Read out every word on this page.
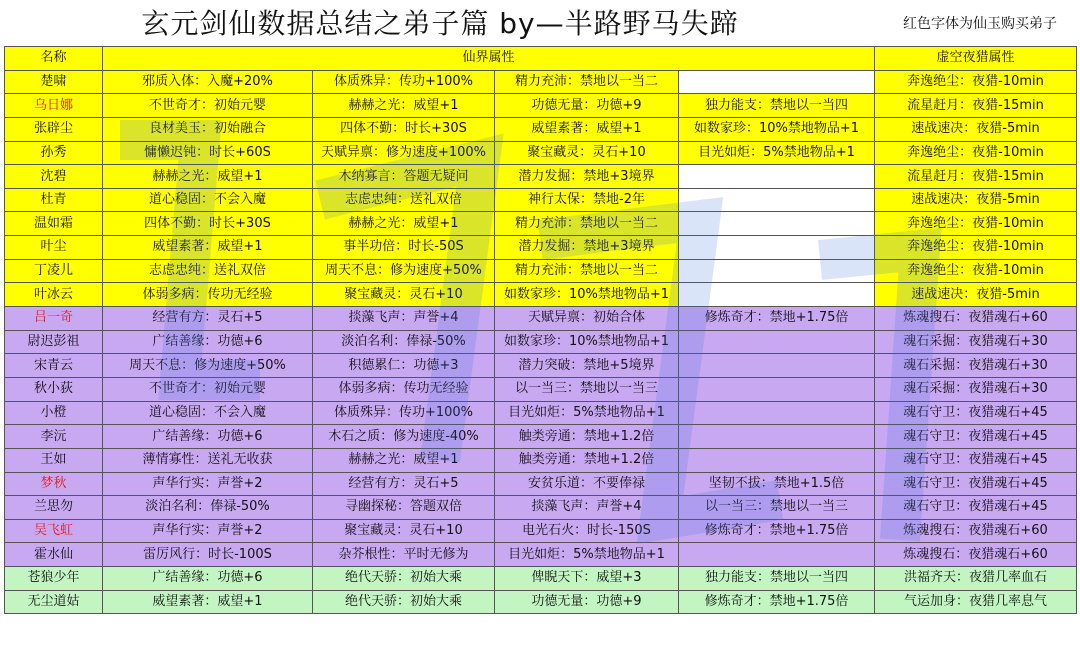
玄元剑仙数据总结之弟子篇 by—半路野马失蹄	红色字体为仙玉购买弟子
名称	仙界属性				虚空夜猎属性
楚啸	邪质入体：入魔+20%	体质殊异：传功+100%	精力充沛：禁地以一当二		奔逸绝尘：夜猎-10min
乌日娜	不世奇才：初始元婴	赫赫之光：威望+1	功德无量：功德+9	独力能支：禁地以一当四	流星赶月：夜猎-15min
张辟尘	良材美玉：初始融合	四体不勤：时长+30S	威望素著：威望+1	如数家珍：10%禁地物品+1	速战速决：夜猎-5min
孙秀	慵懒迟钝：时长+60S	天赋异禀：修为速度+100%	聚宝藏灵：灵石+10	目光如炬：5%禁地物品+1	奔逸绝尘：夜猎-10min
沈碧	赫赫之光：威望+1	木纳寡言：答题无疑问	潜力发掘：禁地+3境界		流星赶月：夜猎-15min
杜青	道心稳固：不会入魔	志虑忠纯：送礼双倍	神行太保：禁地-2年		速战速决：夜猎-5min
温如霜	四体不勤：时长+30S	赫赫之光：威望+1	精力充沛：禁地以一当二		奔逸绝尘：夜猎-10min
叶尘	威望素著：威望+1	事半功倍：时长-50S	潜力发掘：禁地+3境界		奔逸绝尘：夜猎-10min
丁凌儿	志虑忠纯：送礼双倍	周天不息：修为速度+50%	精力充沛：禁地以一当二		奔逸绝尘：夜猎-10min
叶冰云	体弱多病：传功无经验	聚宝藏灵：灵石+10	如数家珍：10%禁地物品+1		速战速决：夜猎-5min
吕一奇	经营有方：灵石+5	掞藻飞声：声誉+4	天赋异禀：初始合体	修炼奇才：禁地+1.75倍	炼魂搜石：夜猎魂石+60
尉迟彭祖	广结善缘：功德+6	淡泊名利：俸禄-50%	如数家珍：10%禁地物品+1		魂石采掘：夜猎魂石+30
宋青云	周天不息：修为速度+50%	积德累仁：功德+3	潜力突破：禁地+5境界		魂石采掘：夜猎魂石+30
秋小荻	不世奇才：初始元婴	体弱多病：传功无经验	以一当三：禁地以一当三		魂石采掘：夜猎魂石+30
小橙	道心稳固：不会入魔	体质殊异：传功+100%	目光如炬：5%禁地物品+1		魂石守卫：夜猎魂石+45
李沅	广结善缘：功德+6	木石之质：修为速度-40%	触类旁通：禁地+1.2倍		魂石守卫：夜猎魂石+45
王如	薄情寡性：送礼无收获	赫赫之光：威望+1	触类旁通：禁地+1.2倍		魂石守卫：夜猎魂石+45
梦秋	声华行实：声誉+2	经营有方：灵石+5	安贫乐道：不要俸禄	坚韧不拔：禁地+1.5倍	魂石守卫：夜猎魂石+45
兰思勿	淡泊名利：俸禄-50%	寻幽探秘：答题双倍	掞藻飞声：声誉+4	以一当三：禁地以一当三	魂石守卫：夜猎魂石+45
吴飞虹	声华行实：声誉+2	聚宝藏灵：灵石+10	电光石火：时长-150S	修炼奇才：禁地+1.75倍	炼魂搜石：夜猎魂石+60
霍水仙	雷厉风行：时长-100S	杂芥根性：平时无修为	目光如炬：5%禁地物品+1		炼魂搜石：夜猎魂石+60
苍狼少年	广结善缘：功德+6	绝代天骄：初始大乘	俾睨天下：威望+3	独力能支：禁地以一当四	洪福齐天：夜猎几率血石
无尘道姑	威望素著：威望+1	绝代天骄：初始大乘	功德无量：功德+9	修炼奇才：禁地+1.75倍	气运加身：夜猎几率息气
